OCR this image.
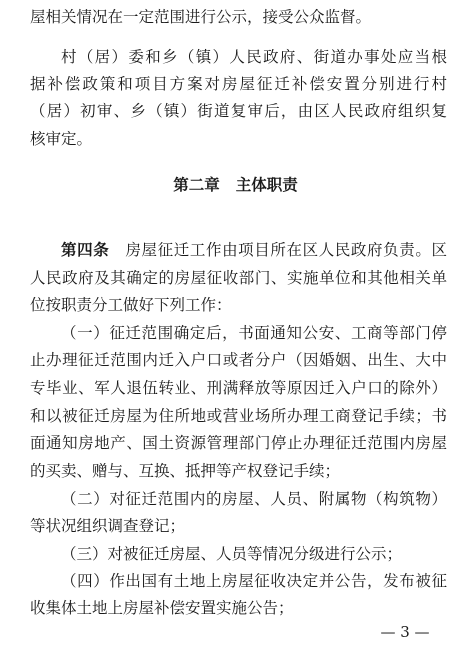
屋相关情况在一定范围进行公示，接受公众监督。
村（居）委和乡（镇）人民政府、街道办事处应当根
据补偿政策和项目方案对房屋征迁补偿安置分别进行村
（居）初审、乡（镇）街道复审后，由区人民政府组织复
核审定。
第二章 主体职责
第四条　 房屋征迁工作由项目所在区人民政府负责。区
人民政府及其确定的房屋征收部门、实施单位和其他相关单
位按职责分工做好下列工作：
（一）征迁范围确定后，书面通知公安、工商等部门停
止办理征迁范围内迁入户口或者分户（因婚姻、出生、大中
专毕业、军人退伍转业、刑满释放等原因迁入户口的除外）
和以被征迁房屋为住所地或营业场所办理工商登记手续；书
面通知房地产、国土资源管理部门停止办理征迁范围内房屋
的买卖、赠与、互换、抵押等产权登记手续；
（二）对征迁范围内的房屋、人员、附属物（构筑物）
等状况组织调查登记；
（三）对被征迁房屋、人员等情况分级进行公示；
（四）作出国有土地上房屋征收决定并公告，发布被征
收集体土地上房屋补偿安置实施公告；
— 3 —
